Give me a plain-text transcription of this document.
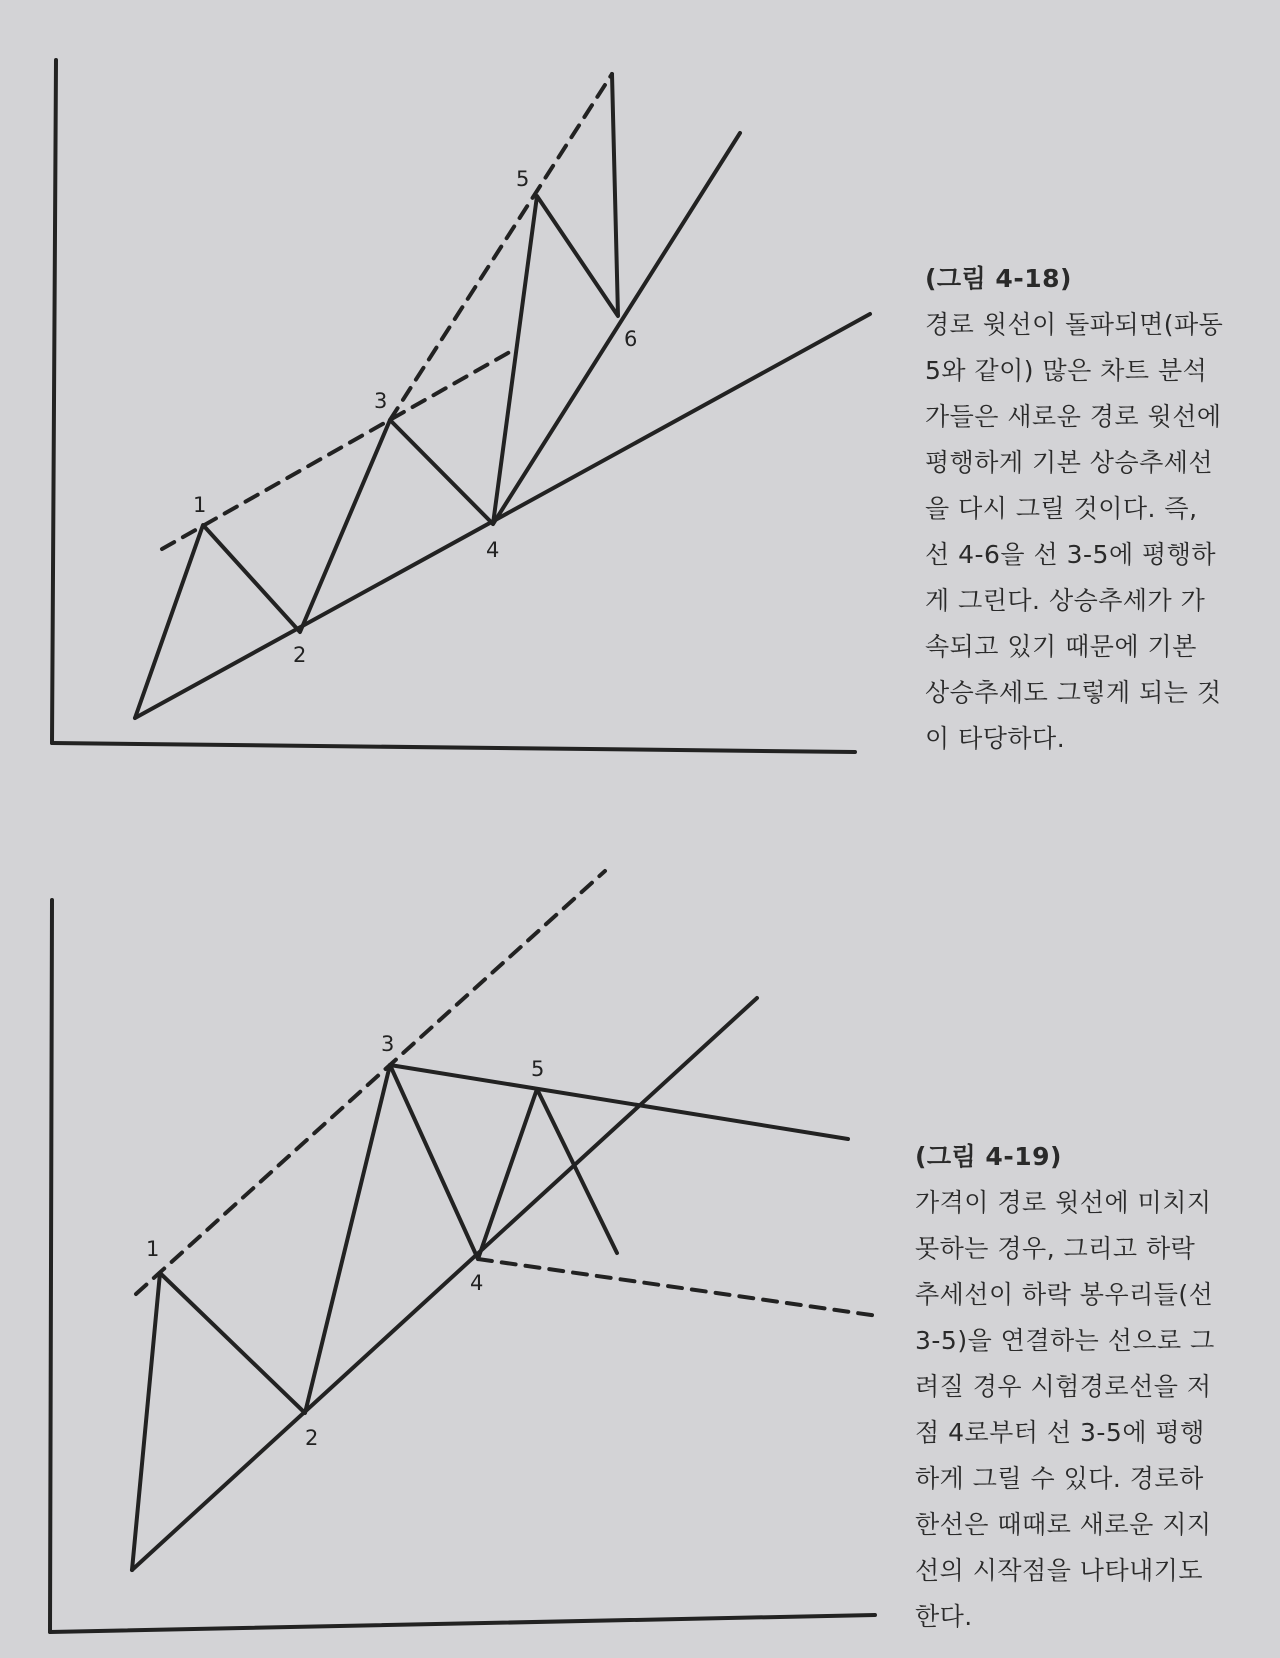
1
2
3
4
5
6
1
2
3
4
5
(그림 4-18)
경로 윗선이 돌파되면(파동
5와 같이) 많은 차트 분석
가들은 새로운 경로 윗선에
평행하게 기본 상승추세선
을 다시 그릴 것이다. 즉,
선 4-6을 선 3-5에 평행하
게 그린다. 상승추세가 가
속되고 있기 때문에 기본
상승추세도 그렇게 되는 것
이 타당하다.
(그림 4-19)
가격이 경로 윗선에 미치지
못하는 경우, 그리고 하락
추세선이 하락 봉우리들(선
3-5)을 연결하는 선으로 그
려질 경우 시험경로선을 저
점 4로부터 선 3-5에 평행
하게 그릴 수 있다. 경로하
한선은 때때로 새로운 지지
선의 시작점을 나타내기도
한다.
